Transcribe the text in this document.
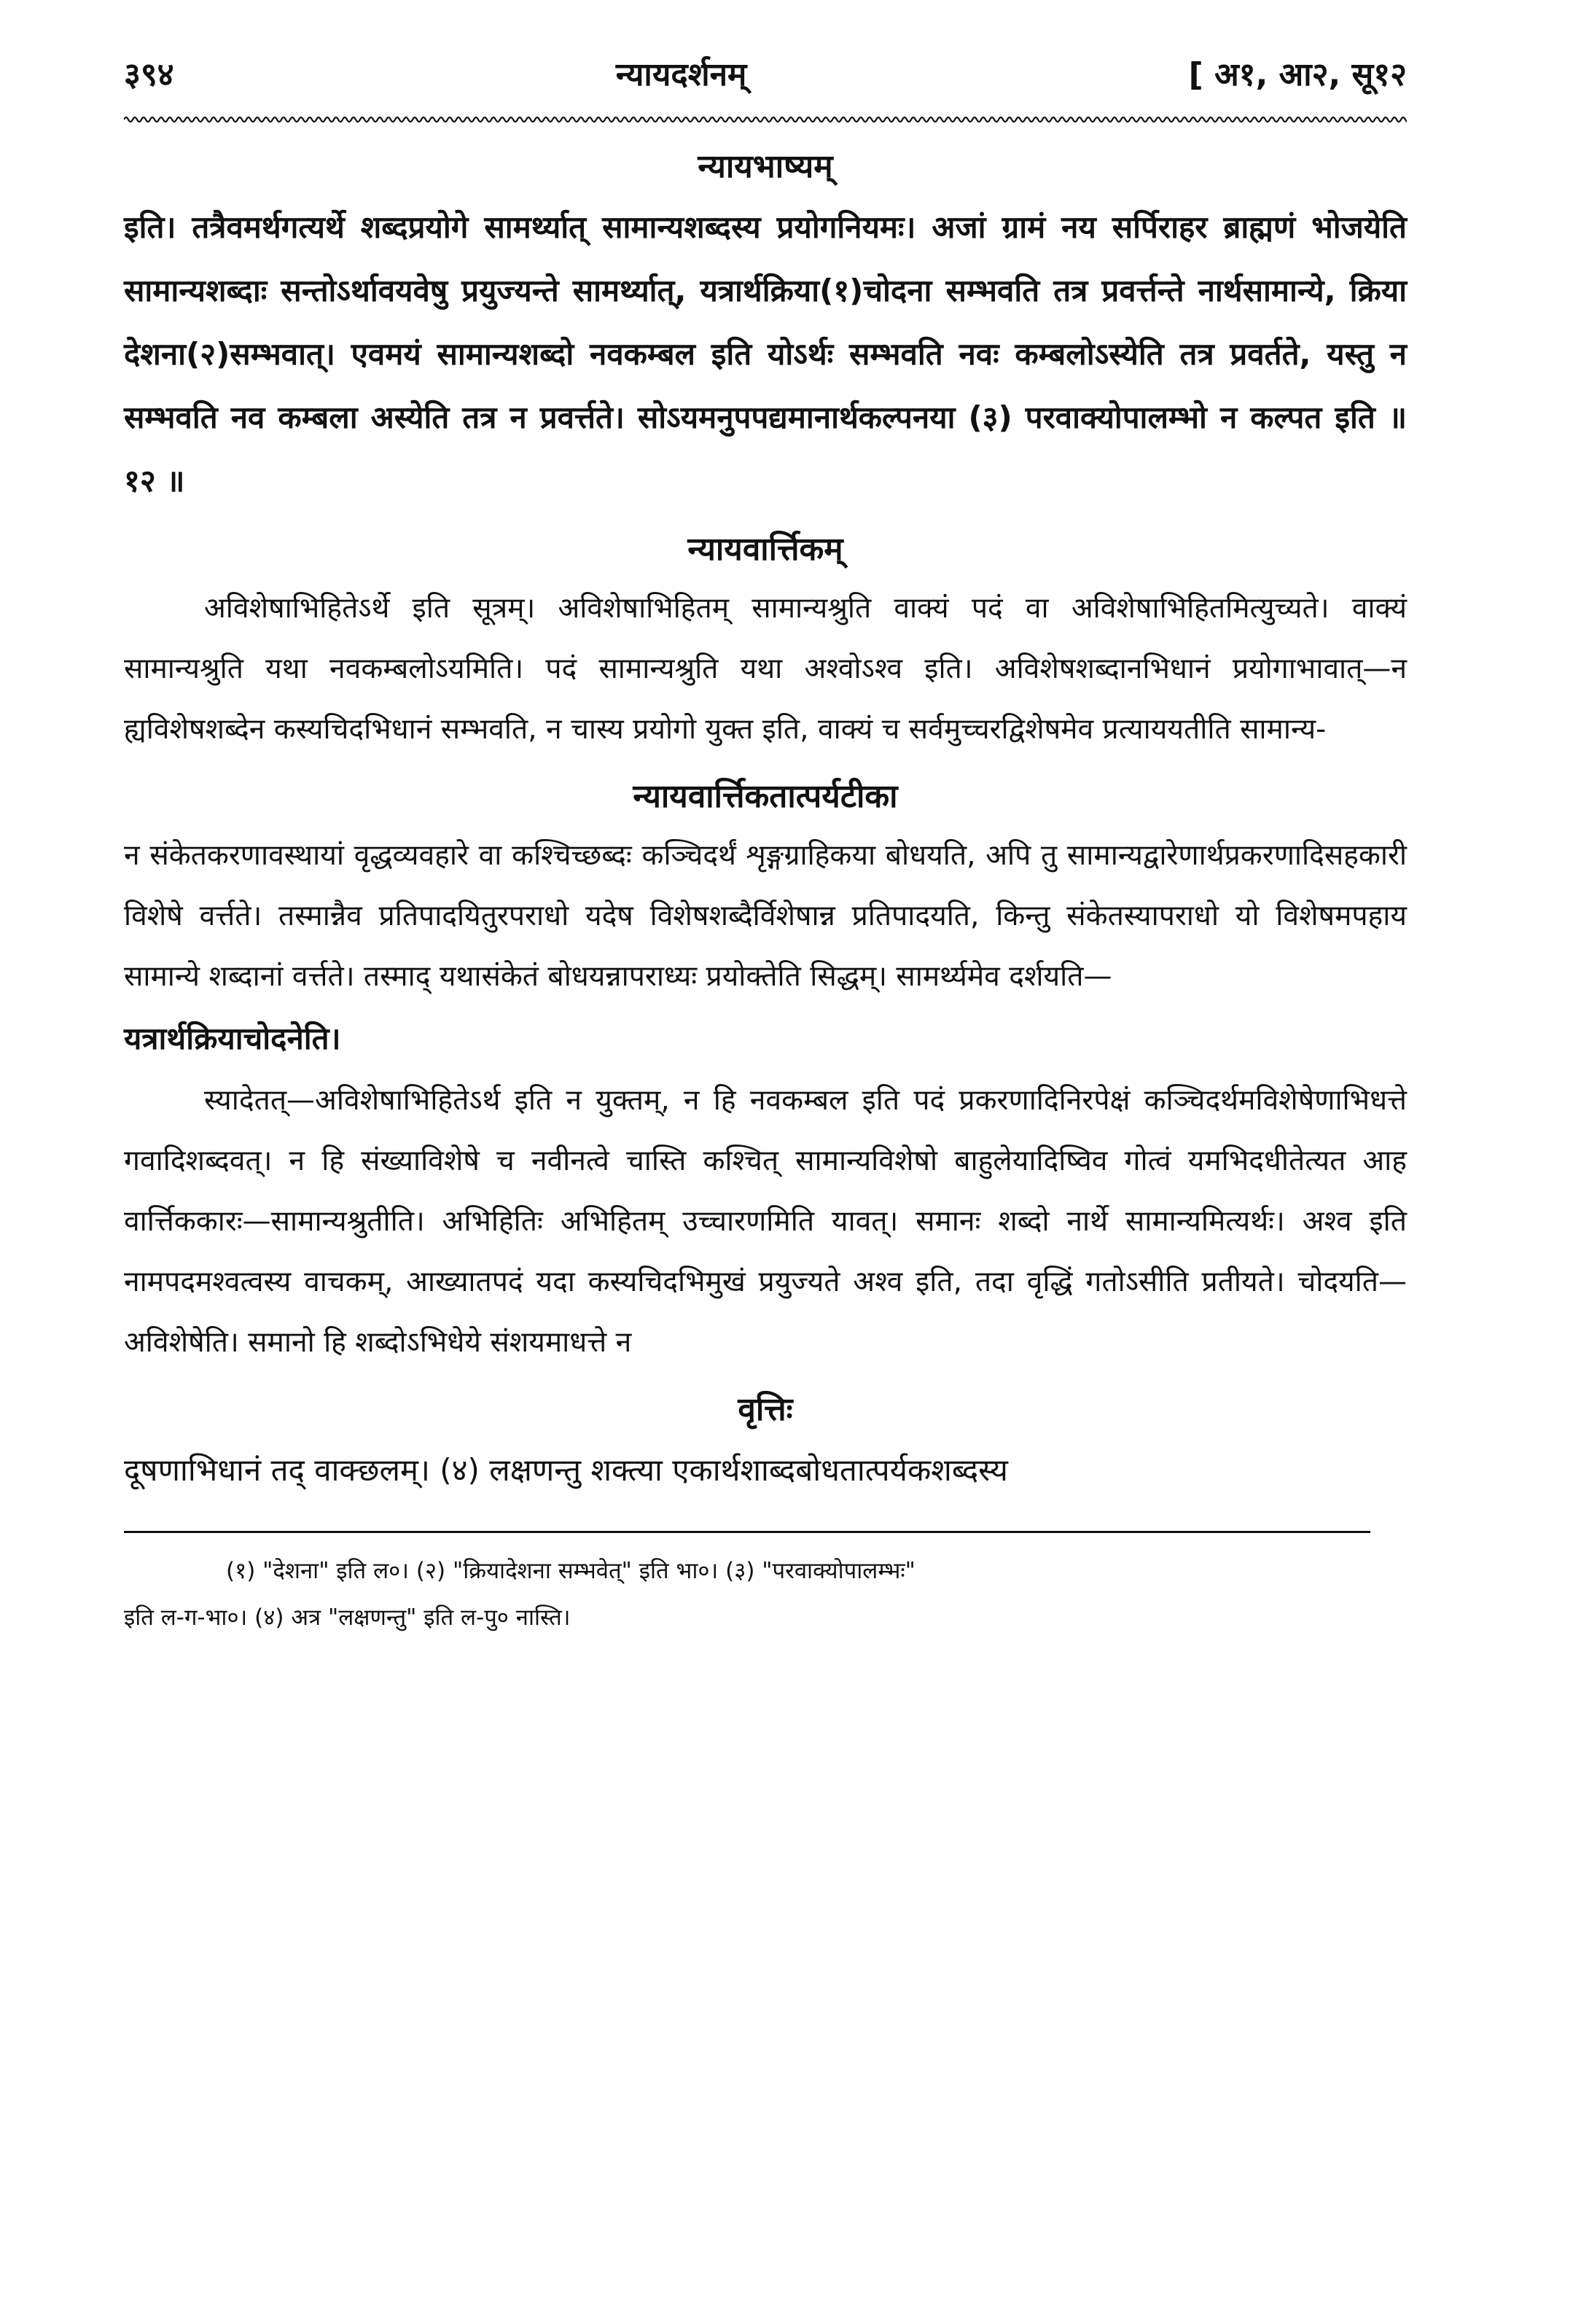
३९४	न्यायदर्शनम्	[ अ१, आ२, सू१२
न्यायभाष्यम्

इति। तत्रैवमर्थगत्यर्थे शब्दप्रयोगे सामर्थ्यात् सामान्यशब्दस्य प्रयोगनियमः। अजां ग्रामं नय सर्पिराहर ब्राह्मणं भोजयेति सामान्यशब्दाः सन्तोऽर्थावयवेषु प्रयुज्यन्ते सामर्थ्यात्, यत्रार्थक्रिया(१)चोदना सम्भवति तत्र प्रवर्त्तन्ते नार्थसामान्ये, क्रिया देशना(२)सम्भवात्। एवमयं सामान्यशब्दो नवकम्बल इति योऽर्थः सम्भवति नवः कम्बलोऽस्येति तत्र प्रवर्तते, यस्तु न सम्भवति नव कम्बला अस्येति तत्र न प्रवर्त्तते। सोऽयमनुपपद्यमानार्थकल्पनया (३) परवाक्योपालम्भो न कल्पत इति ॥ १२ ॥

न्यायवार्त्तिकम्

अविशेषाभिहितेऽर्थे इति सूत्रम्। अविशेषाभिहितम् सामान्यश्रुति वाक्यं पदं वा अविशेषाभिहितमित्युच्यते। वाक्यं सामान्यश्रुति यथा नवकम्बलोऽयमिति। पदं सामान्यश्रुति यथा अश्वोऽश्व इति। अविशेषशब्दानभिधानं प्रयोगाभावात्—न ह्यविशेषशब्देन कस्यचिदभिधानं सम्भवति, न चास्य प्रयोगो युक्त इति, वाक्यं च सर्वमुच्चरद्विशेषमेव प्रत्याययतीति सामान्य-

न्यायवार्त्तिकतात्पर्यटीका

न संकेतकरणावस्थायां वृद्धव्यवहारे वा कश्चिच्छब्दः कञ्चिदर्थं शृङ्गग्राहिकया बोधयति, अपि तु सामान्यद्वारेणार्थप्रकरणादिसहकारी विशेषे वर्त्तते। तस्मान्नैव प्रतिपादयितुरपराधो यदेष विशेषशब्दैर्विशेषान्न प्रतिपादयति, किन्तु संकेतस्यापराधो यो विशेषमपहाय सामान्ये शब्दानां वर्त्तते। तस्माद् यथासंकेतं बोधयन्नापराध्यः प्रयोक्तेति सिद्धम्। सामर्थ्यमेव दर्शयति—

यत्रार्थक्रियाचोदनेति।

स्यादेतत्—अविशेषाभिहितेऽर्थ इति न युक्तम्, न हि नवकम्बल इति पदं प्रकरणादिनिरपेक्षं कञ्चिदर्थमविशेषेणाभिधत्ते गवादिशब्दवत्। न हि संख्याविशेषे च नवीनत्वे चास्ति कश्चित् सामान्यविशेषो बाहुलेयादिष्विव गोत्वं यमभिदधीतेत्यत आह वार्त्तिककारः—सामान्यश्रुतीति। अभिहितिः अभिहितम् उच्चारणमिति यावत्। समानः शब्दो नार्थे सामान्यमित्यर्थः। अश्व इति नामपदमश्वत्वस्य वाचकम्, आख्यातपदं यदा कस्यचिदभिमुखं प्रयुज्यते अश्व इति, तदा वृद्धिं गतोऽसीति प्रतीयते। चोदयति—अविशेषेति। समानो हि शब्दोऽभिधेये संशयमाधत्ते न

वृत्तिः

दूषणाभिधानं तद् वाक्छलम्। (४) लक्षणन्तु शक्त्या एकार्थशाब्दबोधतात्पर्यकशब्दस्य

(१) "देशना" इति ल०। (२) "क्रियादेशना सम्भवेत्" इति भा०। (३) "परवाक्योपालम्भः"
इति ल-ग-भा०। (४) अत्र "लक्षणन्तु" इति ल-पु० नास्ति।
